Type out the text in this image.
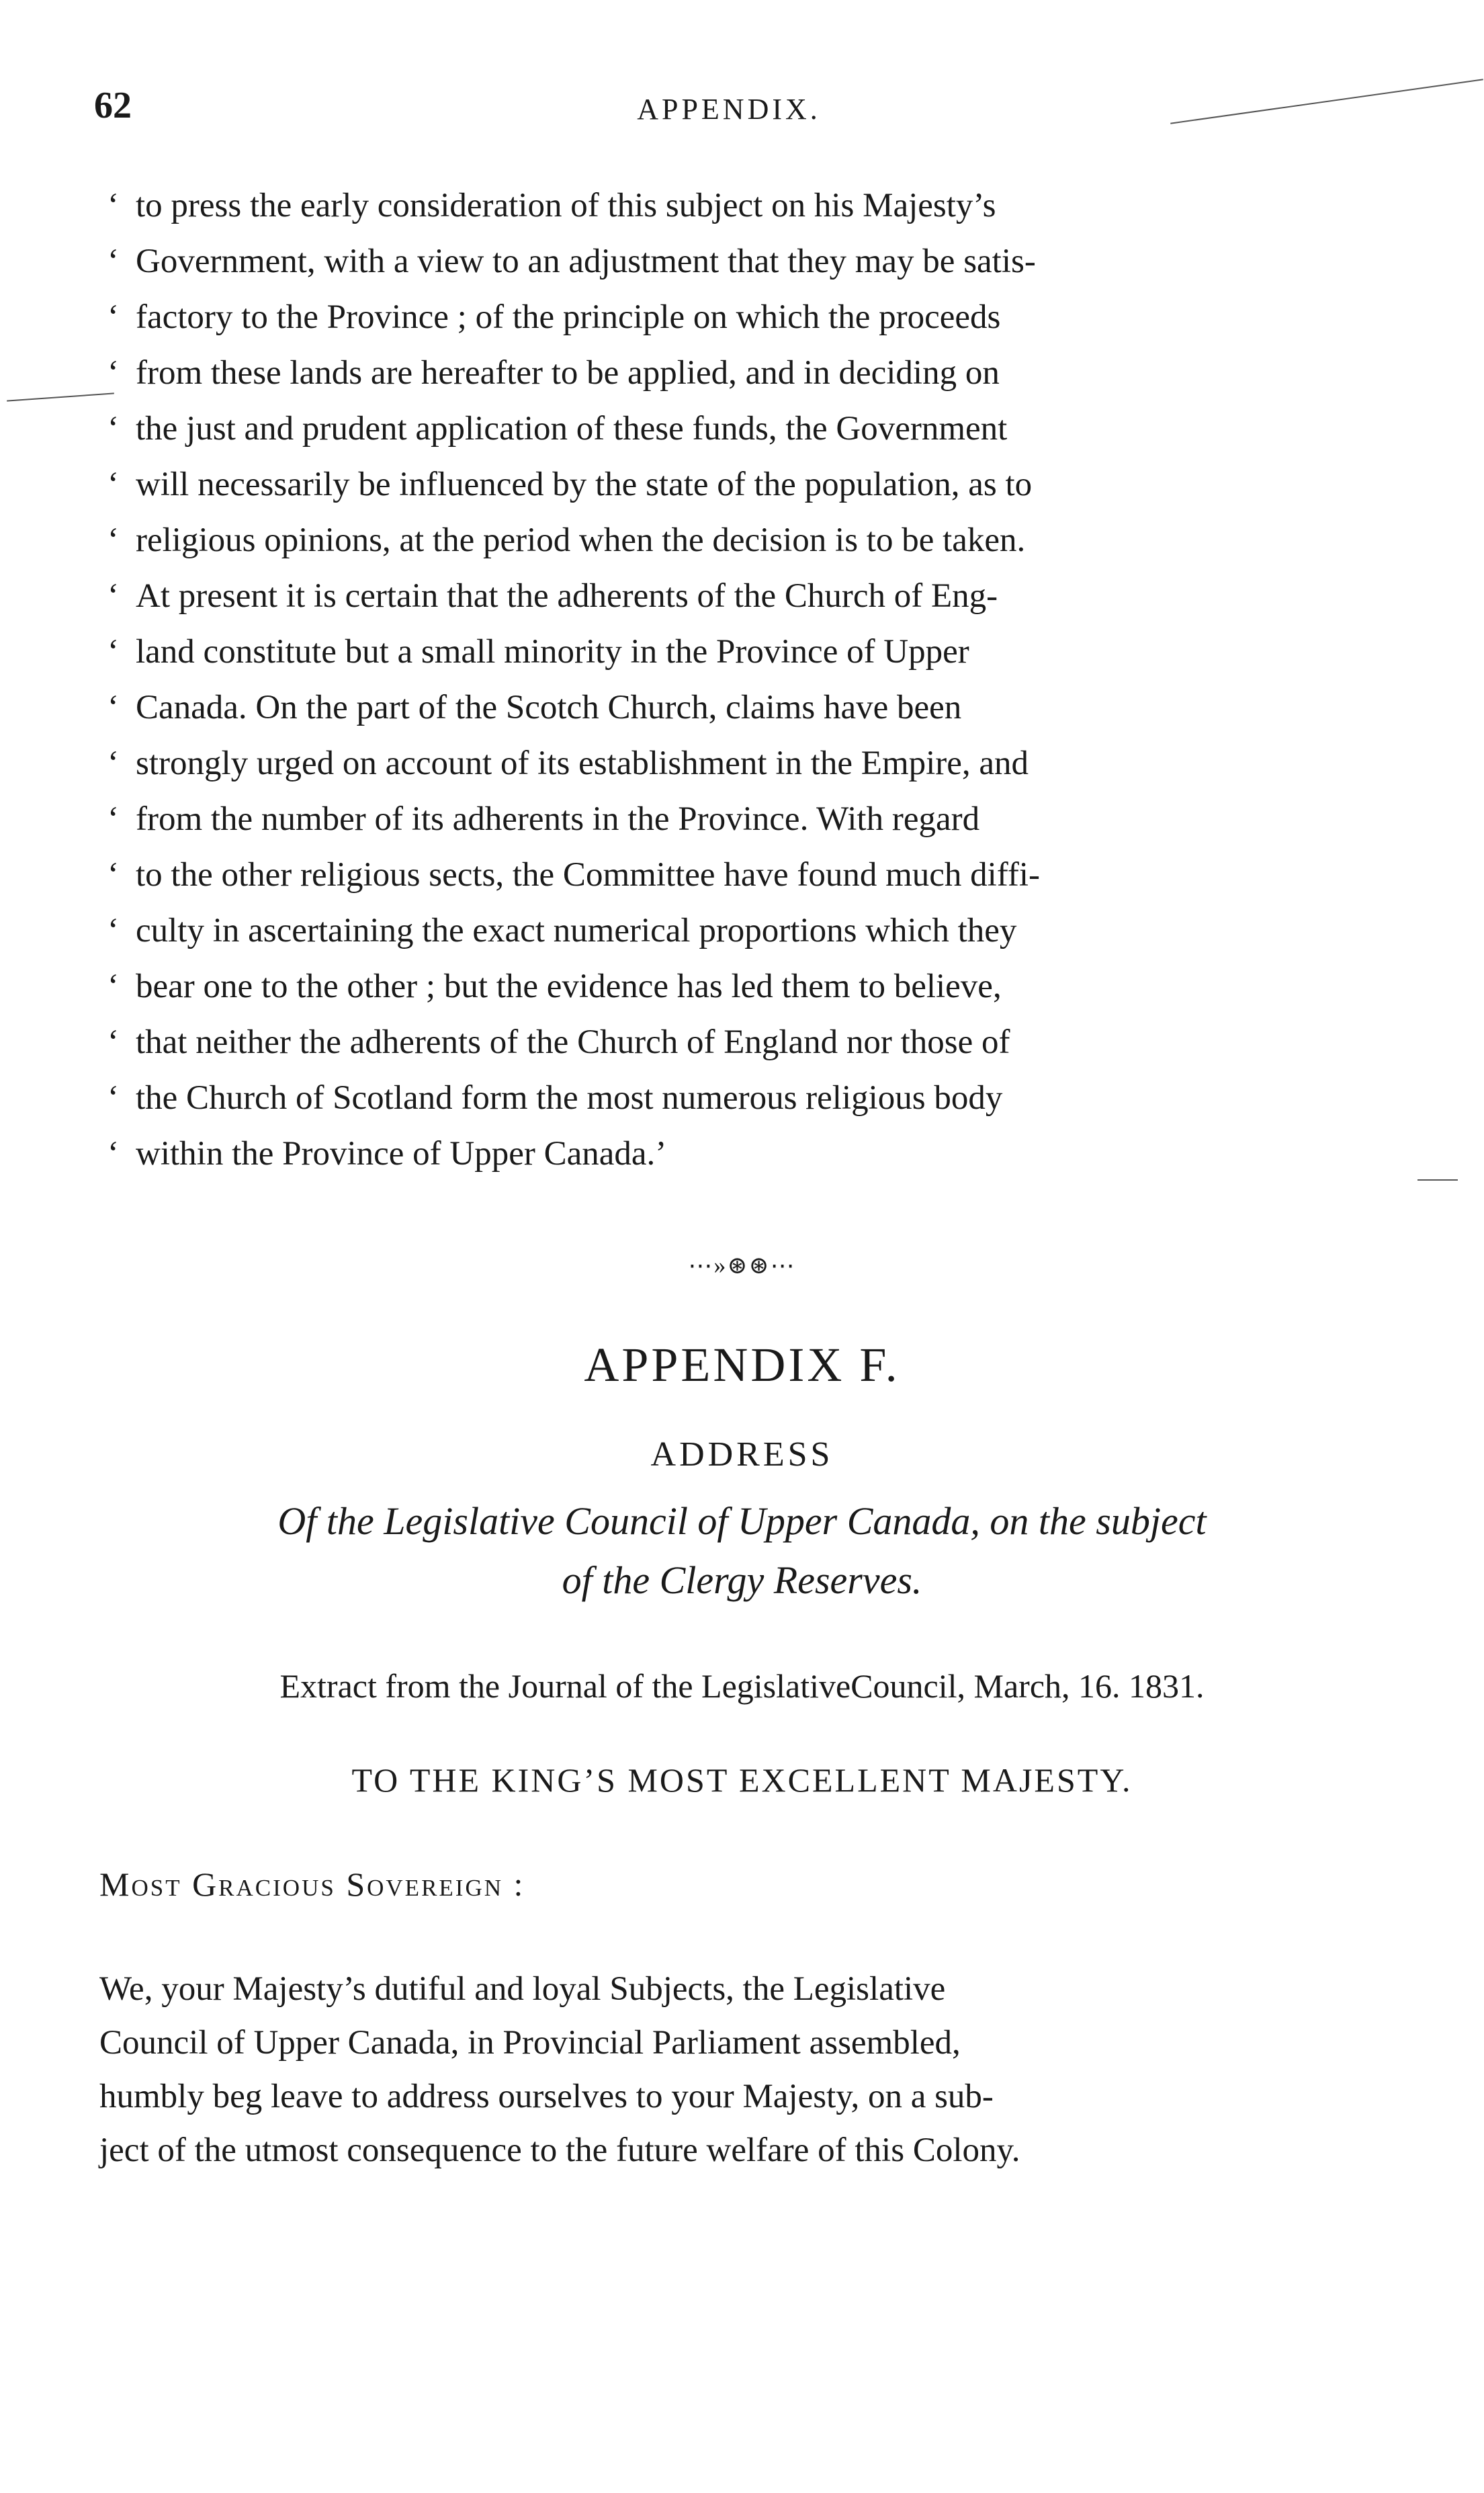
62	APPENDIX.
‘ to press the early consideration of this subject on his Majesty’s
‘ Government, with a view to an adjustment that they may be satis-
‘ factory to the Province ; of the principle on which the proceeds
‘ from these lands are hereafter to be applied, and in deciding on
‘ the just and prudent application of these funds, the Government
‘ will necessarily be influenced by the state of the population, as to
‘ religious opinions, at the period when the decision is to be taken.
‘ At present it is certain that the adherents of the Church of Eng-
‘ land constitute but a small minority in the Province of Upper
‘ Canada. On the part of the Scotch Church, claims have been
‘ strongly urged on account of its establishment in the Empire, and
‘ from the number of its adherents in the Province. With regard
‘ to the other religious sects, the Committee have found much diffi-
‘ culty in ascertaining the exact numerical proportions which they
‘ bear one to the other ; but the evidence has led them to believe,
‘ that neither the adherents of the Church of England nor those of
‘ the Church of Scotland form the most numerous religious body
‘ within the Province of Upper Canada.’
⋯»⊛⊛⋯
APPENDIX F.
ADDRESS
Of the Legislative Council of Upper Canada, on the subject
of the Clergy Reserves.
Extract from the Journal of the LegislativeCouncil, March, 16. 1831.
TO THE KING’S MOST EXCELLENT MAJESTY.
Most Gracious Sovereign :
We, your Majesty’s dutiful and loyal Subjects, the Legislative
Council of Upper Canada, in Provincial Parliament assembled,
humbly beg leave to address ourselves to your Majesty, on a sub-
ject of the utmost consequence to the future welfare of this Colony.
